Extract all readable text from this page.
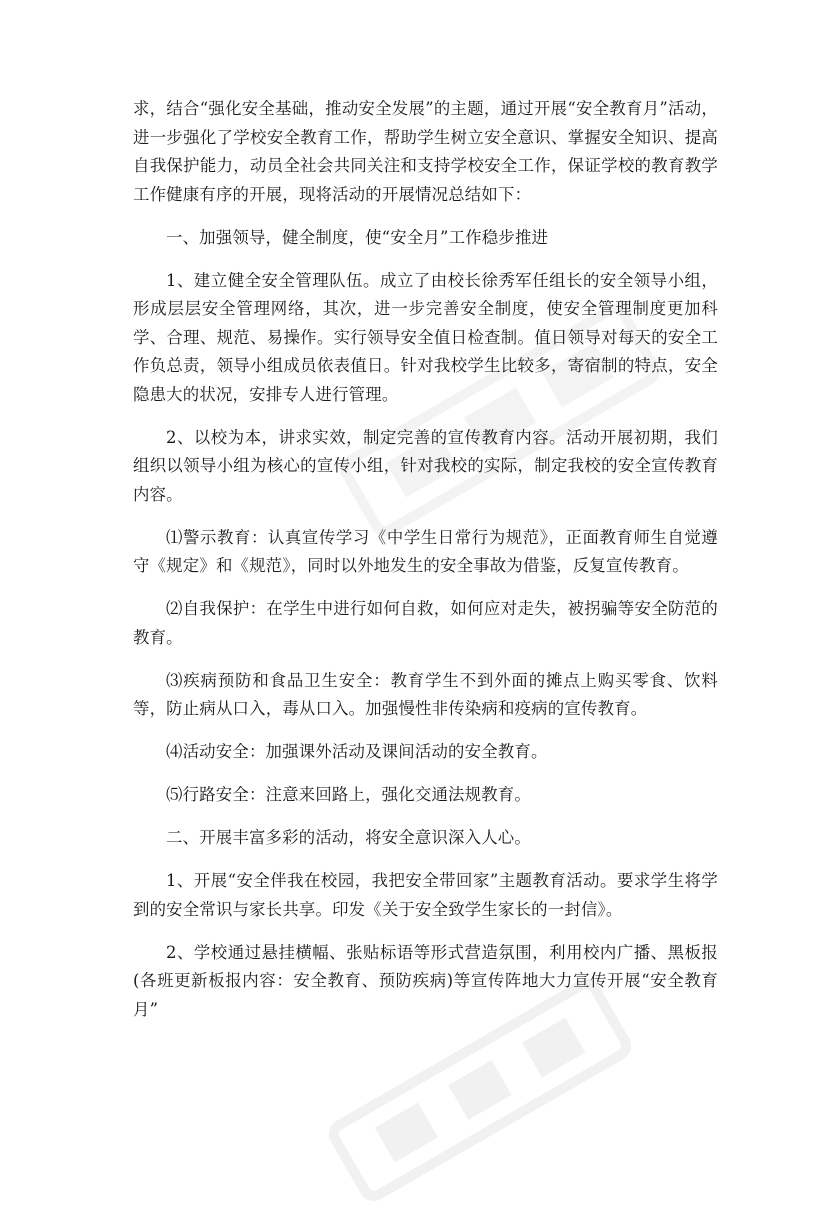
求，结合“强化安全基础，推动安全发展”的主题，通过开展“安全教育月”活动，进一步强化了学校安全教育工作，帮助学生树立安全意识、掌握安全知识、提高自我保护能力，动员全社会共同关注和支持学校安全工作，保证学校的教育教学工作健康有序的开展，现将活动的开展情况总结如下：

一、加强领导，健全制度，使“安全月”工作稳步推进

1、建立健全安全管理队伍。成立了由校长徐秀军任组长的安全领导小组，形成层层安全管理网络，其次，进一步完善安全制度，使安全管理制度更加科学、合理、规范、易操作。实行领导安全值日检查制。值日领导对每天的安全工作负总责，领导小组成员依表值日。针对我校学生比较多，寄宿制的特点，安全隐患大的状况，安排专人进行管理。

2、以校为本，讲求实效，制定完善的宣传教育内容。活动开展初期，我们组织以领导小组为核心的宣传小组，针对我校的实际，制定我校的安全宣传教育内容。

⑴警示教育：认真宣传学习《中学生日常行为规范》，正面教育师生自觉遵守《规定》和《规范》，同时以外地发生的安全事故为借鉴，反复宣传教育。

⑵自我保护：在学生中进行如何自救，如何应对走失，被拐骗等安全防范的教育。

⑶疾病预防和食品卫生安全：教育学生不到外面的摊点上购买零食、饮料等，防止病从口入，毒从口入。加强慢性非传染病和疫病的宣传教育。

⑷活动安全：加强课外活动及课间活动的安全教育。

⑸行路安全：注意来回路上，强化交通法规教育。

二、开展丰富多彩的活动，将安全意识深入人心。

1、开展“安全伴我在校园，我把安全带回家”主题教育活动。要求学生将学到的安全常识与家长共享。印发《关于安全致学生家长的一封信》。

2、学校通过悬挂横幅、张贴标语等形式营造氛围，利用校内广播、黑板报(各班更新板报内容：安全教育、预防疾病)等宣传阵地大力宣传开展“安全教育月”
